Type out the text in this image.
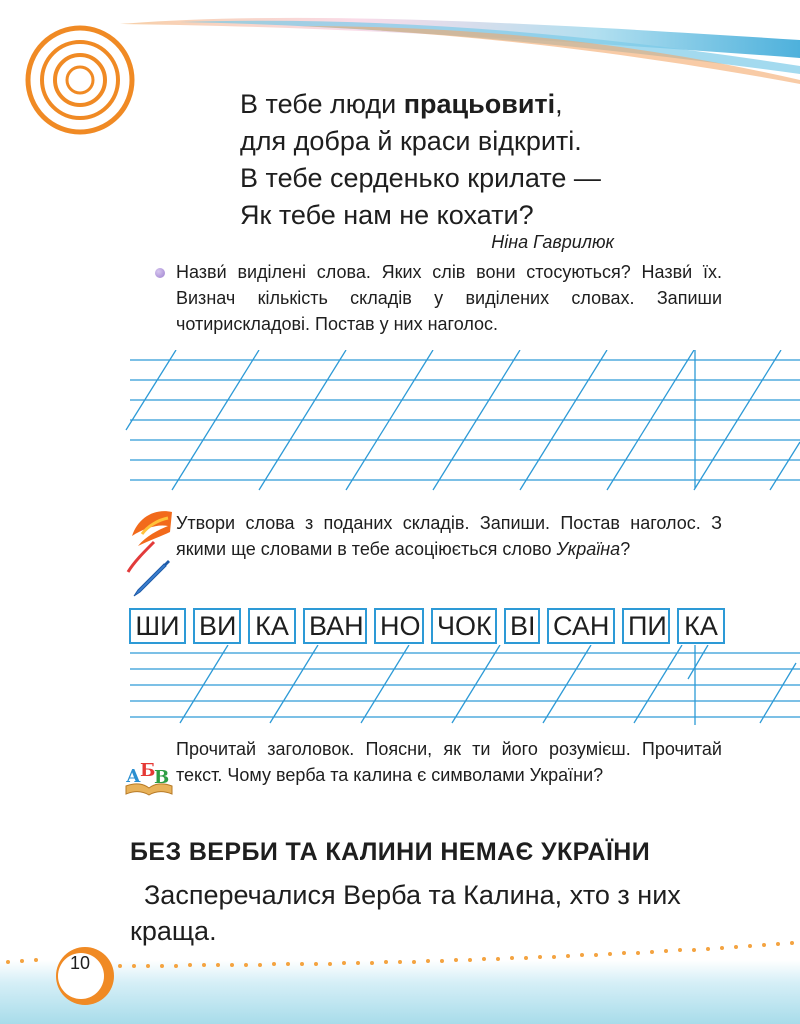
В тебе люди працьовиті,
для добра й краси відкриті.
В тебе серденько крилате —
Як тебе нам не кохати?
Ніна Гаврилюк
Назви́ виділені слова. Яких слів вони стосуються? Назви́ їх. Визнач кількість складів у виділених словах. Запиши чотирискладові. Постав у них наголос.
Утвори слова з поданих складів. Запиши. Постав наголос. З якими ще словами в тебе асоціюється слово Україна?
ШИ ВИ КА ВАН НО ЧОК ВІ САН ПИ КА
А Б
В
Прочитай заголовок. Поясни, як ти його розумієш. Прочитай текст. Чому верба та калина є символами України?
БЕЗ ВЕРБИ ТА КАЛИНИ НЕМАЄ УКРАЇНИ
Засперечалися Верба та Калина, хто з них краща.
10
